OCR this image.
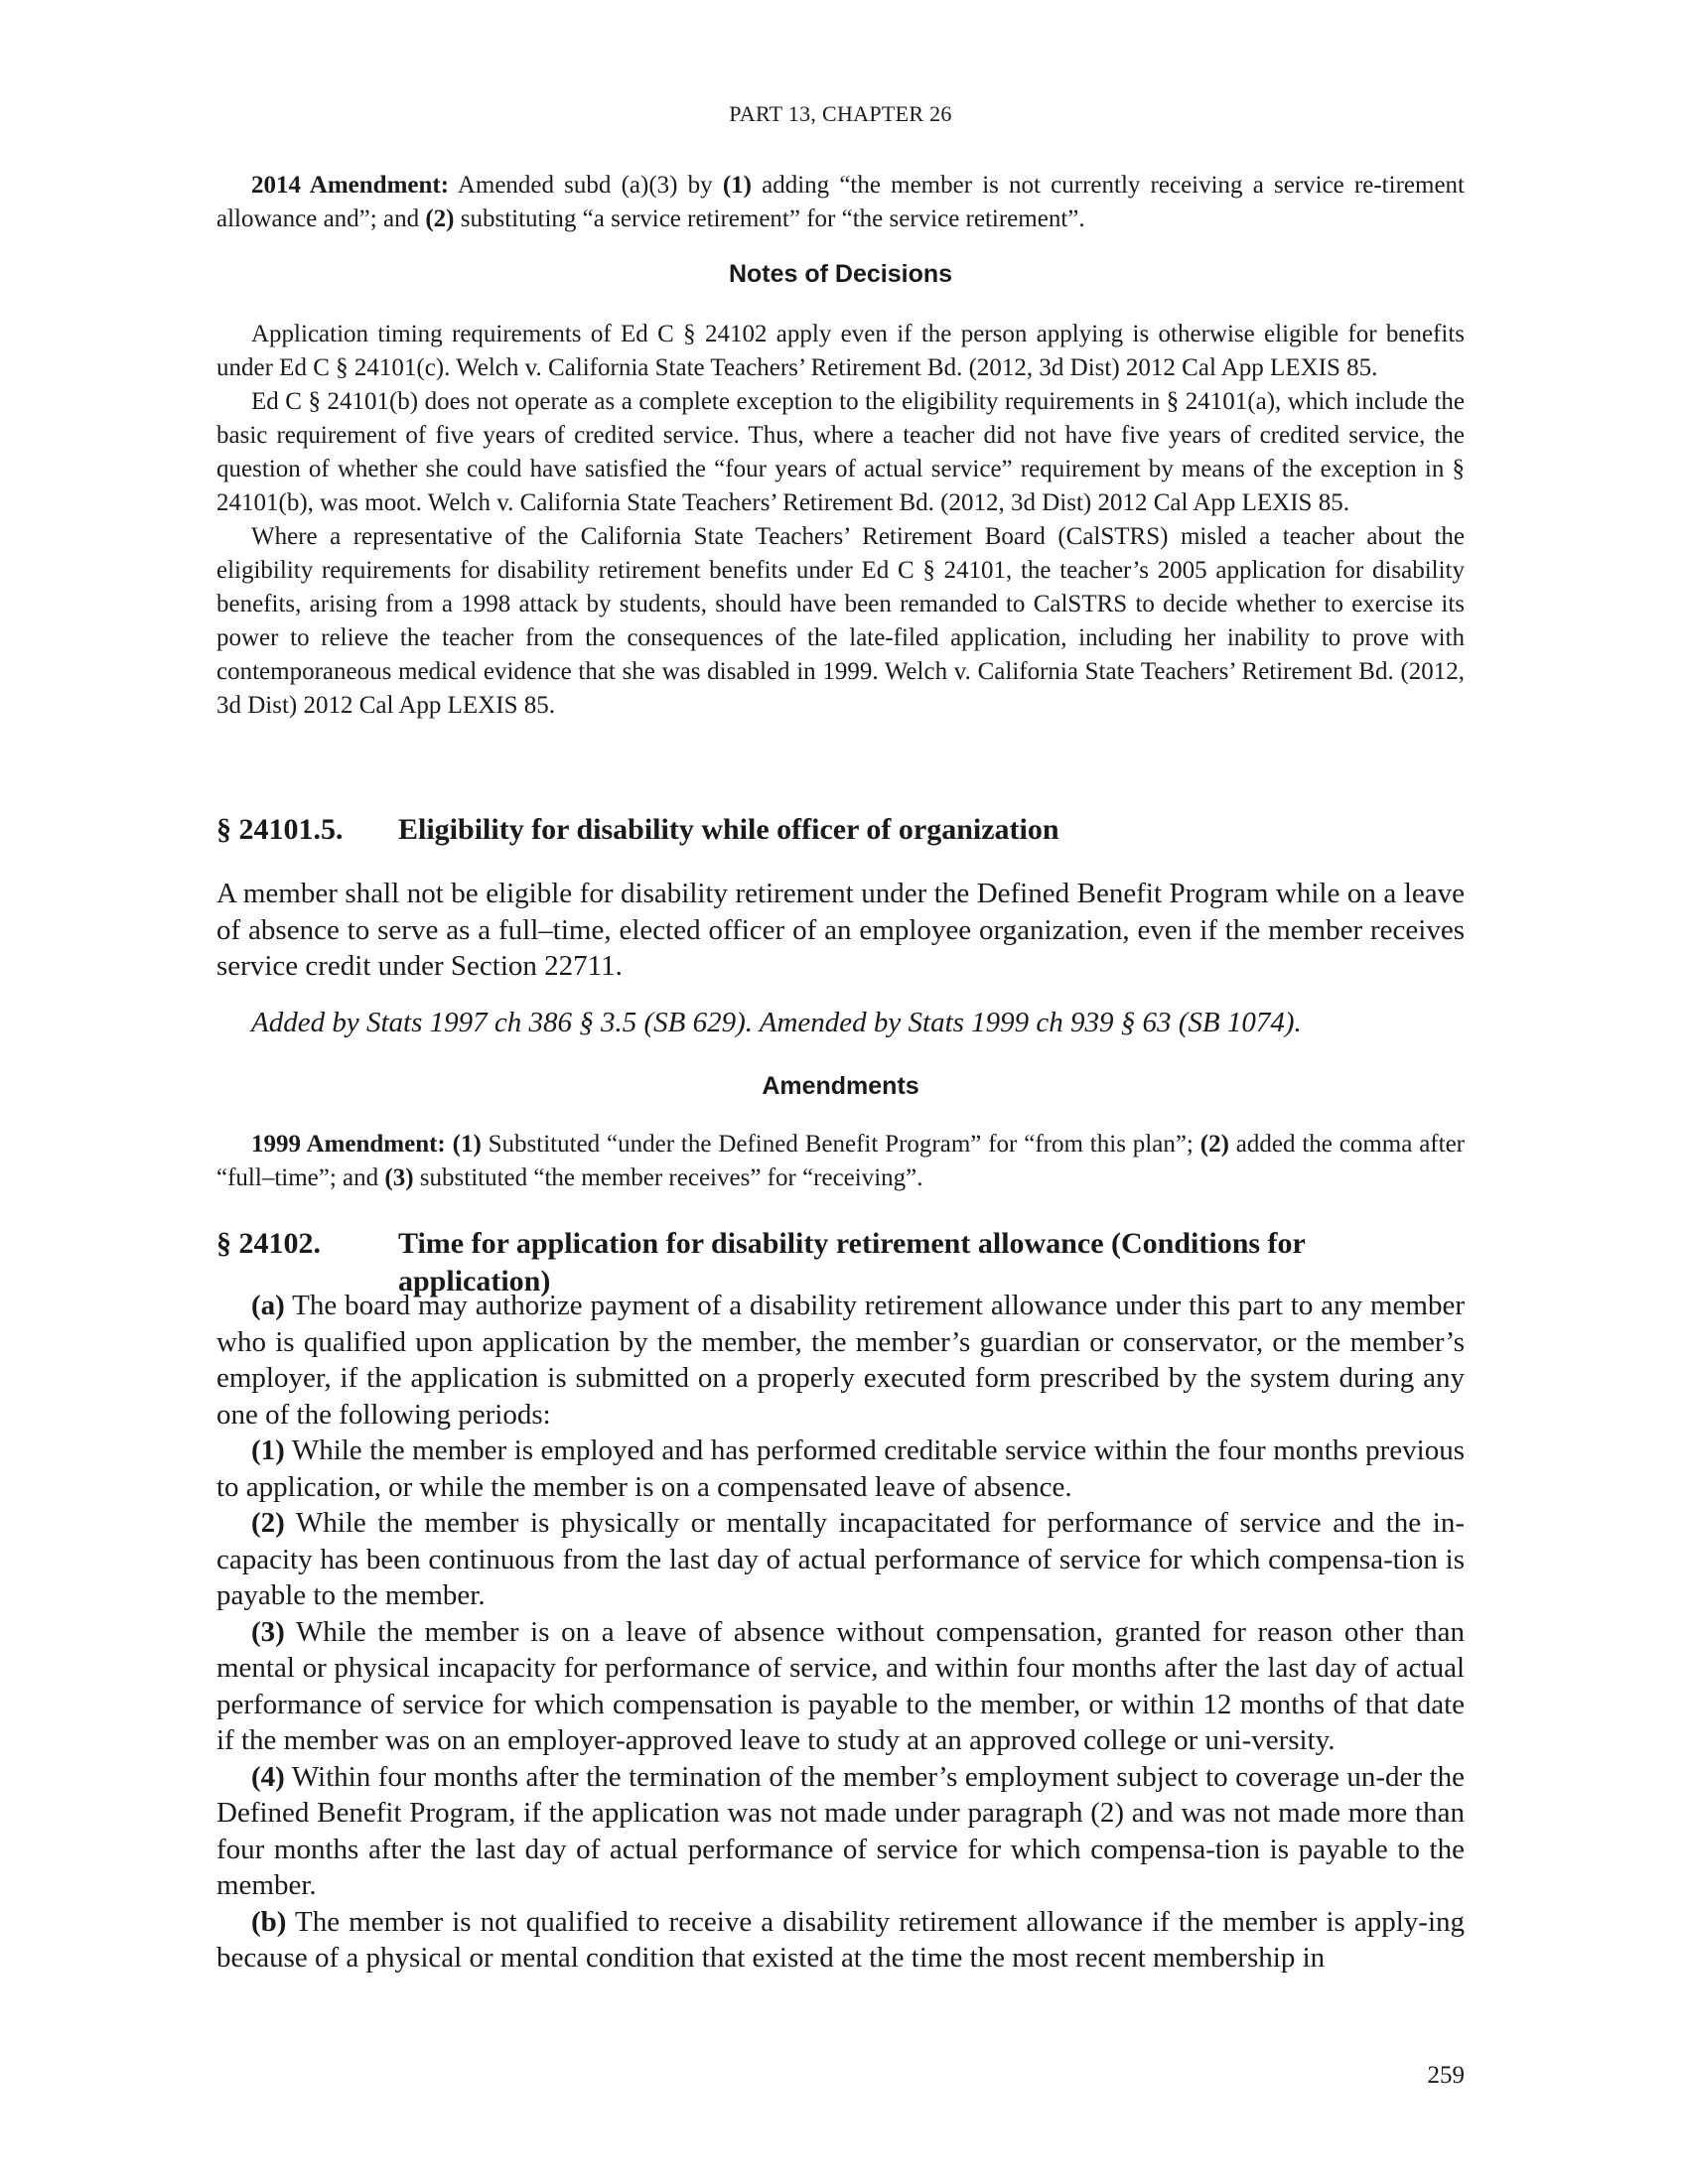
PART 13, CHAPTER 26

2014 Amendment: Amended subd (a)(3) by (1) adding “the member is not currently receiving a service re-tirement allowance and”; and (2) substituting “a service retirement” for “the service retirement”.

Notes of Decisions

Application timing requirements of Ed C § 24102 apply even if the person applying is otherwise eligible for benefits under Ed C § 24101(c). Welch v. California State Teachers’ Retirement Bd. (2012, 3d Dist) 2012 Cal App LEXIS 85.

Ed C § 24101(b) does not operate as a complete exception to the eligibility requirements in § 24101(a), which include the basic requirement of five years of credited service. Thus, where a teacher did not have five years of credited service, the question of whether she could have satisfied the “four years of actual service” requirement by means of the exception in § 24101(b), was moot. Welch v. California State Teachers’ Retirement Bd. (2012, 3d Dist) 2012 Cal App LEXIS 85.

Where a representative of the California State Teachers’ Retirement Board (CalSTRS) misled a teacher about the eligibility requirements for disability retirement benefits under Ed C § 24101, the teacher’s 2005 application for disability benefits, arising from a 1998 attack by students, should have been remanded to CalSTRS to decide whether to exercise its power to relieve the teacher from the consequences of the late-filed application, including her inability to prove with contemporaneous medical evidence that she was disabled in 1999. Welch v. California State Teachers’ Retirement Bd. (2012, 3d Dist) 2012 Cal App LEXIS 85.

§ 24101.5.	Eligibility for disability while officer of organization

A member shall not be eligible for disability retirement under the Defined Benefit Program while on a leave of absence to serve as a full–time, elected officer of an employee organization, even if the member receives service credit under Section 22711.

Added by Stats 1997 ch 386 § 3.5 (SB 629). Amended by Stats 1999 ch 939 § 63 (SB 1074).

Amendments

1999 Amendment: (1) Substituted “under the Defined Benefit Program” for “from this plan”; (2) added the comma after “full–time”; and (3) substituted “the member receives” for “receiving”.

§ 24102.	Time for application for disability retirement allowance (Conditions for application)

(a) The board may authorize payment of a disability retirement allowance under this part to any member who is qualified upon application by the member, the member’s guardian or conservator, or the member’s employer, if the application is submitted on a properly executed form prescribed by the system during any one of the following periods:

(1) While the member is employed and has performed creditable service within the four months previous to application, or while the member is on a compensated leave of absence.

(2) While the member is physically or mentally incapacitated for performance of service and the in-capacity has been continuous from the last day of actual performance of service for which compensa-tion is payable to the member.

(3) While the member is on a leave of absence without compensation, granted for reason other than mental or physical incapacity for performance of service, and within four months after the last day of actual performance of service for which compensation is payable to the member, or within 12 months of that date if the member was on an employer-approved leave to study at an approved college or uni-versity.

(4) Within four months after the termination of the member’s employment subject to coverage un-der the Defined Benefit Program, if the application was not made under paragraph (2) and was not made more than four months after the last day of actual performance of service for which compensa-tion is payable to the member.

(b) The member is not qualified to receive a disability retirement allowance if the member is apply-ing because of a physical or mental condition that existed at the time the most recent membership in

259
